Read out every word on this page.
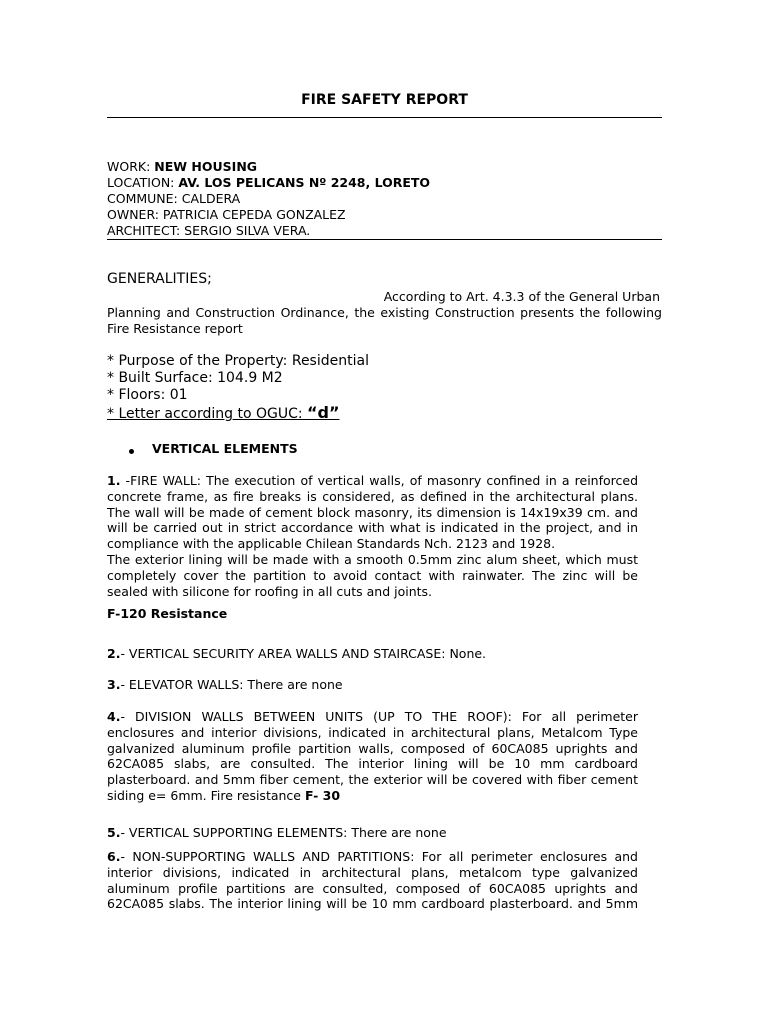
FIRE SAFETY REPORT
WORK: NEW HOUSING
LOCATION: AV. LOS PELICANS Nº 2248, LORETO
COMMUNE: CALDERA
OWNER: PATRICIA CEPEDA GONZALEZ
ARCHITECT: SERGIO SILVA VERA.
GENERALITIES;
According to Art. 4.3.3 of the General Urban
Planning and Construction Ordinance, the existing Construction presents the following Fire Resistance report
* Purpose of the Property: Residential
* Built Surface: 104.9 M2
* Floors: 01
* Letter according to OGUC: “d”
VERTICAL ELEMENTS

1. -FIRE WALL: The execution of vertical walls, of masonry confined in a reinforced concrete frame, as fire breaks is considered, as defined in the architectural plans. The wall will be made of cement block masonry, its dimension is 14x19x39 cm. and will be carried out in strict accordance with what is indicated in the project, and in compliance with the applicable Chilean Standards Nch. 2123 and 1928.

The exterior lining will be made with a smooth 0.5mm zinc alum sheet, which must completely cover the partition to avoid contact with rainwater. The zinc will be sealed with silicone for roofing in all cuts and joints.

F-120 Resistance
2.- VERTICAL SECURITY AREA WALLS AND STAIRCASE: None.
3.- ELEVATOR WALLS: There are none

4.- DIVISION WALLS BETWEEN UNITS (UP TO THE ROOF): For all perimeter enclosures and interior divisions, indicated in architectural plans, Metalcom Type galvanized aluminum profile partition walls, composed of 60CA085 uprights and 62CA085 slabs, are consulted. The interior lining will be 10 mm cardboard plasterboard. and 5mm fiber cement, the exterior will be covered with fiber cement siding e= 6mm. Fire resistance F- 30

5.- VERTICAL SUPPORTING ELEMENTS: There are none

6.- NON-SUPPORTING WALLS AND PARTITIONS: For all perimeter enclosures and interior divisions, indicated in architectural plans, metalcom type galvanized aluminum profile partitions are consulted, composed of 60CA085 uprights and 62CA085 slabs. The interior lining will be 10 mm cardboard plasterboard. and 5mm
